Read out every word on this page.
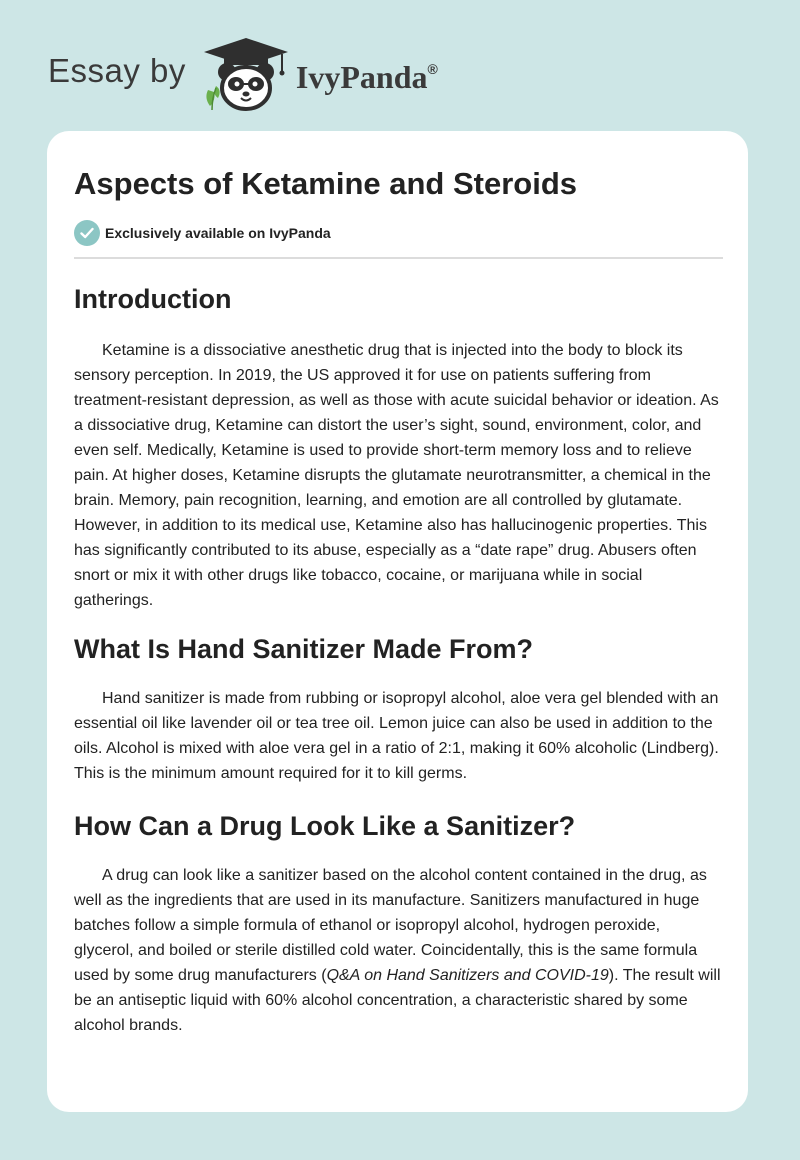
Essay by	IvyPanda®
Aspects of Ketamine and Steroids
Exclusively available on IvyPanda
Introduction

Ketamine is a dissociative anesthetic drug that is injected into the body to block its sensory perception. In 2019, the US approved it for use on patients suffering from treatment-resistant depression, as well as those with acute suicidal behavior or ideation. As a dissociative drug, Ketamine can distort the user’s sight, sound, environment, color, and even self. Medically, Ketamine is used to provide short-term memory loss and to relieve pain. At higher doses, Ketamine disrupts the glutamate neurotransmitter, a chemical in the brain. Memory, pain recognition, learning, and emotion are all controlled by glutamate. However, in addition to its medical use, Ketamine also has hallucinogenic properties. This has significantly contributed to its abuse, especially as a “date rape” drug. Abusers often snort or mix it with other drugs like tobacco, cocaine, or marijuana while in social gatherings.

What Is Hand Sanitizer Made From?

Hand sanitizer is made from rubbing or isopropyl alcohol, aloe vera gel blended with an essential oil like lavender oil or tea tree oil. Lemon juice can also be used in addition to the oils. Alcohol is mixed with aloe vera gel in a ratio of 2:1, making it 60% alcoholic (Lindberg). This is the minimum amount required for it to kill germs.

How Can a Drug Look Like a Sanitizer?

A drug can look like a sanitizer based on the alcohol content contained in the drug, as well as the ingredients that are used in its manufacture. Sanitizers manufactured in huge batches follow a simple formula of ethanol or isopropyl alcohol, hydrogen peroxide, glycerol, and boiled or sterile distilled cold water. Coincidentally, this is the same formula used by some drug manufacturers (Q&A on Hand Sanitizers and COVID-19). The result will be an antiseptic liquid with 60% alcohol concentration, a characteristic shared by some alcohol brands.
